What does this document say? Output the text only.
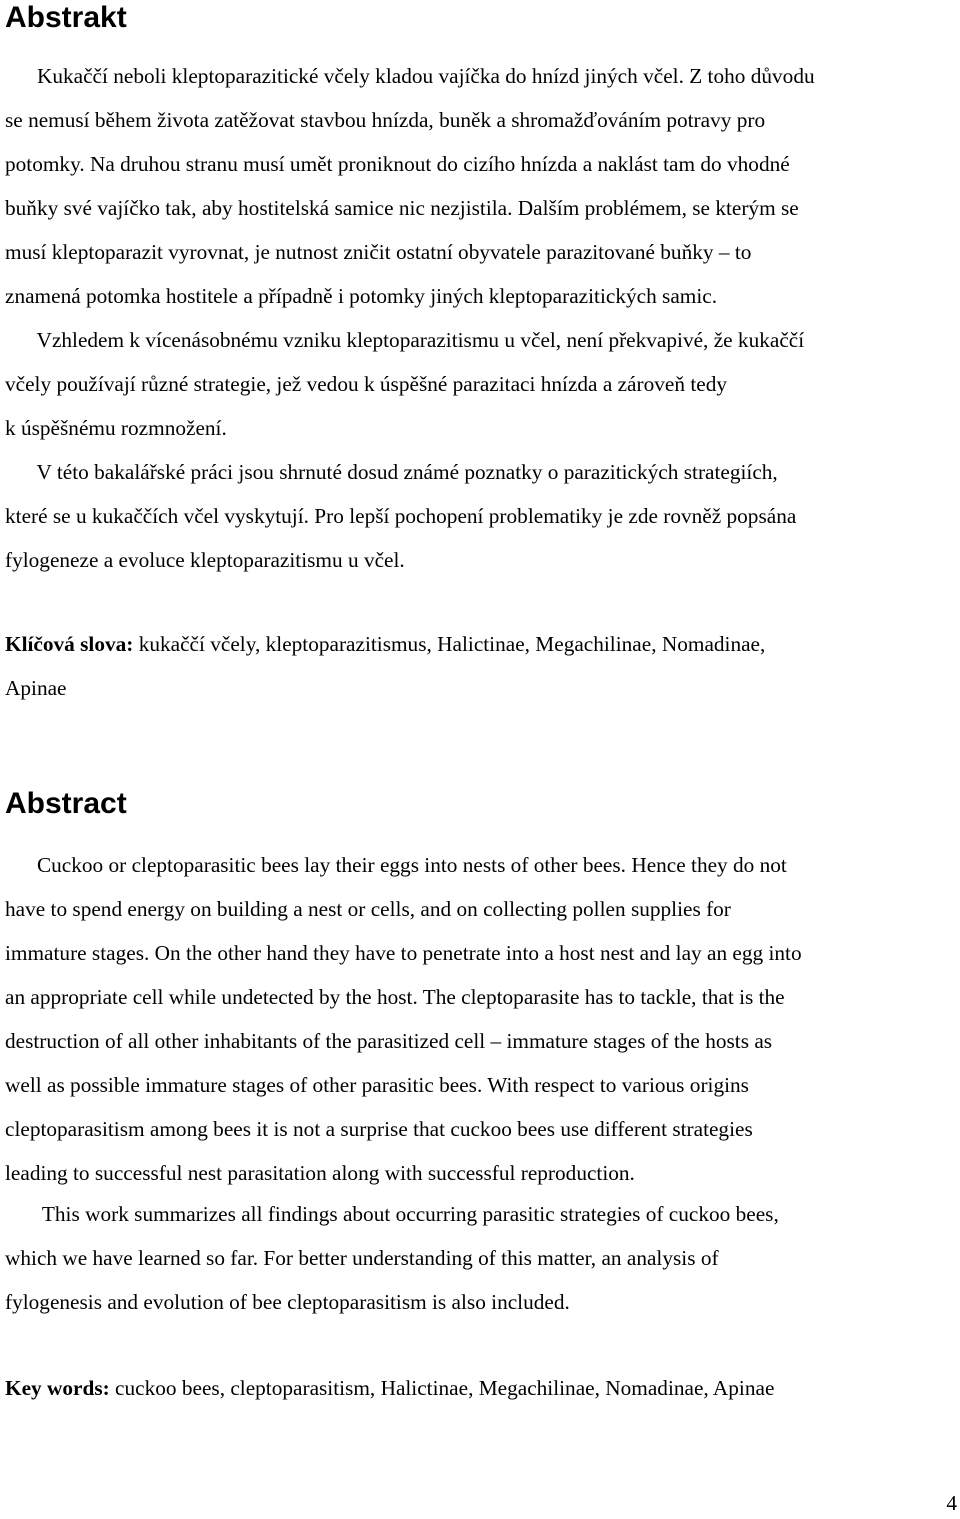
Abstrakt
Kukaččí neboli kleptoparazitické včely kladou vajíčka do hnízd jiných včel. Z toho důvodu
se nemusí během života zatěžovat stavbou hnízda, buněk a shromažďováním potravy pro
potomky. Na druhou stranu musí umět proniknout do cizího hnízda a naklást tam do vhodné
buňky své vajíčko tak, aby hostitelská samice nic nezjistila. Dalším problémem, se kterým se
musí kleptoparazit vyrovnat, je nutnost zničit ostatní obyvatele parazitované buňky – to
znamená potomka hostitele a případně i potomky jiných kleptoparazitických samic.
Vzhledem k vícenásobnému vzniku kleptoparazitismu u včel, není překvapivé, že kukaččí
včely používají různé strategie, jež vedou k úspěšné parazitaci hnízda a zároveň tedy
k úspěšnému rozmnožení.
V této bakalářské práci jsou shrnuté dosud známé poznatky o parazitických strategiích,
které se u kukaččích včel vyskytují. Pro lepší pochopení problematiky je zde rovněž popsána
fylogeneze a evoluce kleptoparazitismu u včel.
Klíčová slova: kukaččí včely, kleptoparazitismus, Halictinae, Megachilinae, Nomadinae,
Apinae
Abstract
Cuckoo or cleptoparasitic bees lay their eggs into nests of other bees. Hence they do not
have to spend energy on building a nest or cells, and on collecting pollen supplies for
immature stages. On the other hand they have to penetrate into a host nest and lay an egg into
an appropriate cell while undetected by the host. The cleptoparasite has to tackle, that is the
destruction of all other inhabitants of the parasitized cell – immature stages of the hosts as
well as possible immature stages of other parasitic bees. With respect to various origins
cleptoparasitism among bees it is not a surprise that cuckoo bees use different strategies
leading to successful nest parasitation along with successful reproduction.
This work summarizes all findings about occurring parasitic strategies of cuckoo bees,
which we have learned so far. For better understanding of this matter, an analysis of
fylogenesis and evolution of bee cleptoparasitism is also included.
Key words: cuckoo bees, cleptoparasitism, Halictinae, Megachilinae, Nomadinae, Apinae
4
